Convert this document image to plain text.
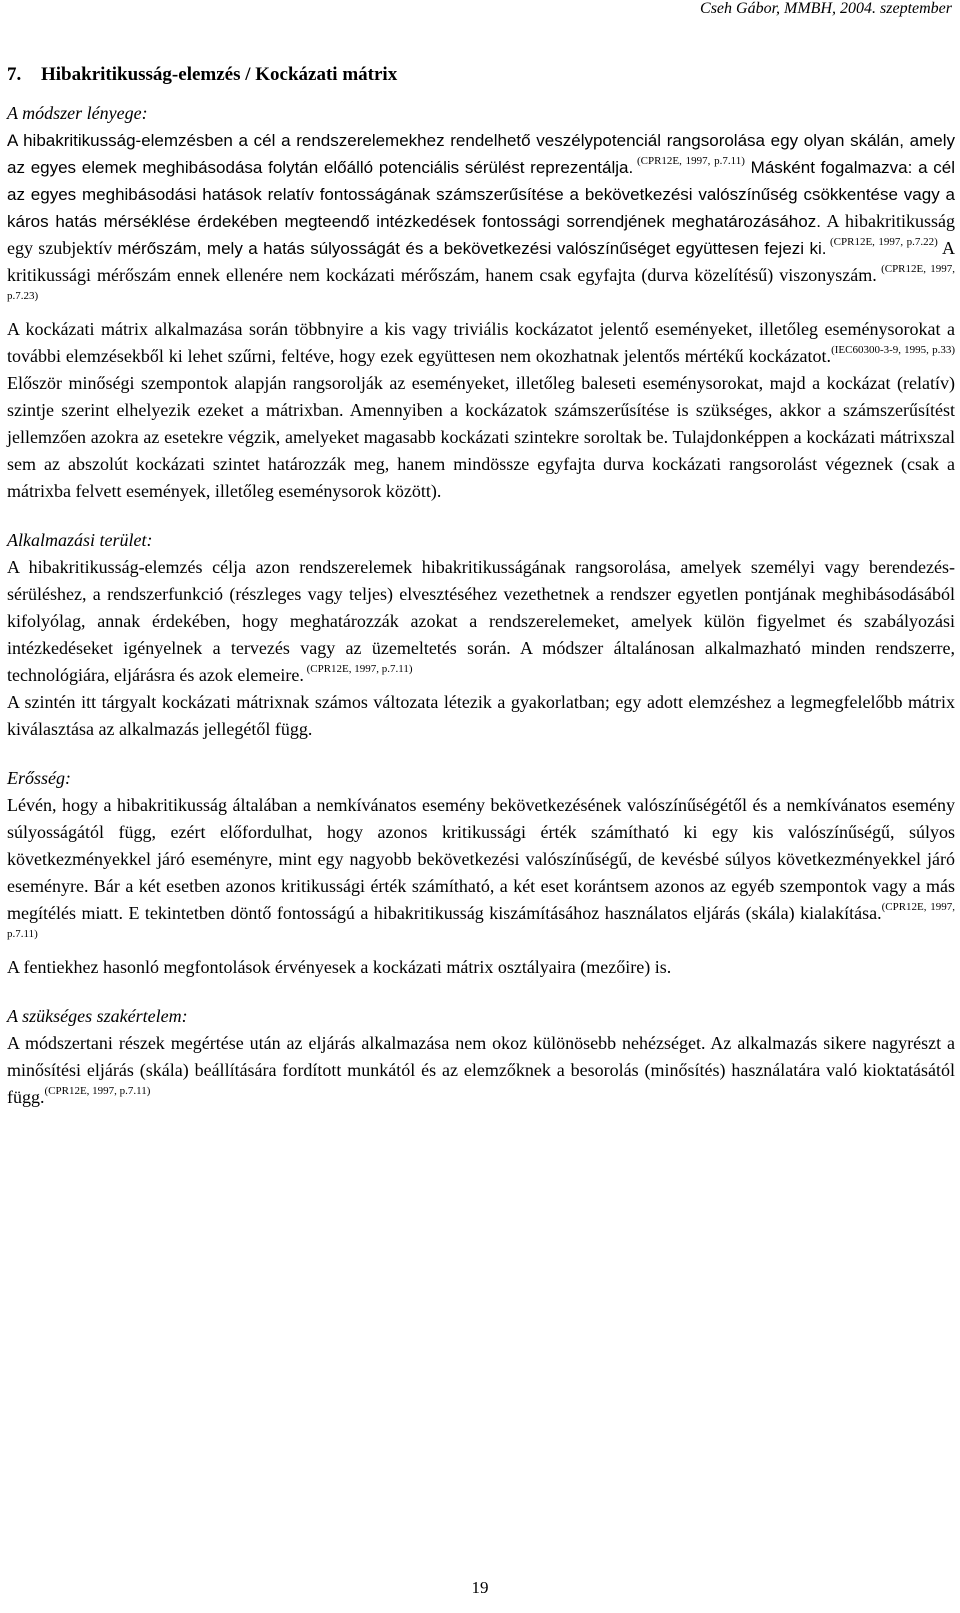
Cseh Gábor, MMBH, 2004. szeptember
7. Hibakritikusság-elemzés / Kockázati mátrix
A módszer lényege:

A hibakritikusság-elemzésben a cél a rendszerelemekhez rendelhető veszélypotenciál rangsorolása egy olyan skálán, amely az egyes elemek meghibásodása folytán előálló potenciális sérülést reprezentálja. $^{(CPR12E, 1997, p.7.11)}$ Másként fogalmazva: a cél az egyes meghibásodási hatások relatív fontosságának számszerűsítése a bekövetkezési valószínűség csökkentése vagy a káros hatás mérséklése érdekében megteendő intézkedések fontossági sorrendjének meghatározásához. A hibakritikusság egy szubjektív mérőszám, mely a hatás súlyosságát és a bekövetkezési valószínűséget együttesen fejezi ki. $^{(CPR12E, 1997, p.7.22)}$ A kritikussági mérőszám ennek ellenére nem kockázati mérőszám, hanem csak egyfajta (durva közelítésű) viszonyszám. $^{(CPR12E, 1997, p.7.23)}$

A kockázati mátrix alkalmazása során többnyire a kis vagy triviális kockázatot jelentő eseményeket, illetőleg eseménysorokat a további elemzésekből ki lehet szűrni, feltéve, hogy ezek együttesen nem okozhatnak jelentős mértékű kockázatot.$^{(IEC60300-3-9, 1995, p.33)}$ Először minőségi szempontok alapján rangsorolják az eseményeket, illetőleg baleseti eseménysorokat, majd a kockázat (relatív) szintje szerint elhelyezik ezeket a mátrixban. Amennyiben a kockázatok számszerűsítése is szükséges, akkor a számszerűsítést jellemzően azokra az esetekre végzik, amelyeket magasabb kockázati szintekre soroltak be. Tulajdonképpen a kockázati mátrixszal sem az abszolút kockázati szintet határozzák meg, hanem mindössze egyfajta durva kockázati rangsorolást végeznek (csak a mátrixba felvett események, illetőleg eseménysorok között).

Alkalmazási terület:

A hibakritikusság-elemzés célja azon rendszerelemek hibakritikusságának rangsorolása, amelyek személyi vagy berendezés-sérüléshez, a rendszerfunkció (részleges vagy teljes) elvesztéséhez vezethetnek a rendszer egyetlen pontjának meghibásodásából kifolyólag, annak érdekében, hogy meghatározzák azokat a rendszerelemeket, amelyek külön figyelmet és szabályozási intézkedéseket igényelnek a tervezés vagy az üzemeltetés során. A módszer általánosan alkalmazható minden rendszerre, technológiára, eljárásra és azok elemeire. $^{(CPR12E, 1997, p.7.11)}$

A szintén itt tárgyalt kockázati mátrixnak számos változata létezik a gyakorlatban; egy adott elemzéshez a legmegfelelőbb mátrix kiválasztása az alkalmazás jellegétől függ.

Erősség:

Lévén, hogy a hibakritikusság általában a nemkívánatos esemény bekövetkezésének valószínűségétől és a nemkívánatos esemény súlyosságától függ, ezért előfordulhat, hogy azonos kritikussági érték számítható ki egy kis valószínűségű, súlyos következményekkel járó eseményre, mint egy nagyobb bekövetkezési valószínűségű, de kevésbé súlyos következményekkel járó eseményre. Bár a két esetben azonos kritikussági érték számítható, a két eset korántsem azonos az egyéb szempontok vagy a más megítélés miatt. E tekintetben döntő fontosságú a hibakritikusság kiszámításához használatos eljárás (skála) kialakítása.$^{(CPR12E, 1997, p.7.11)}$

A fentiekhez hasonló megfontolások érvényesek a kockázati mátrix osztályaira (mezőire) is.

A szükséges szakértelem:

A módszertani részek megértése után az eljárás alkalmazása nem okoz különösebb nehézséget. Az alkalmazás sikere nagyrészt a minősítési eljárás (skála) beállítására fordított munkától és az elemzőknek a besorolás (minősítés) használatára való kioktatásától függ.$^{(CPR12E, 1997, p.7.11)}$

19
